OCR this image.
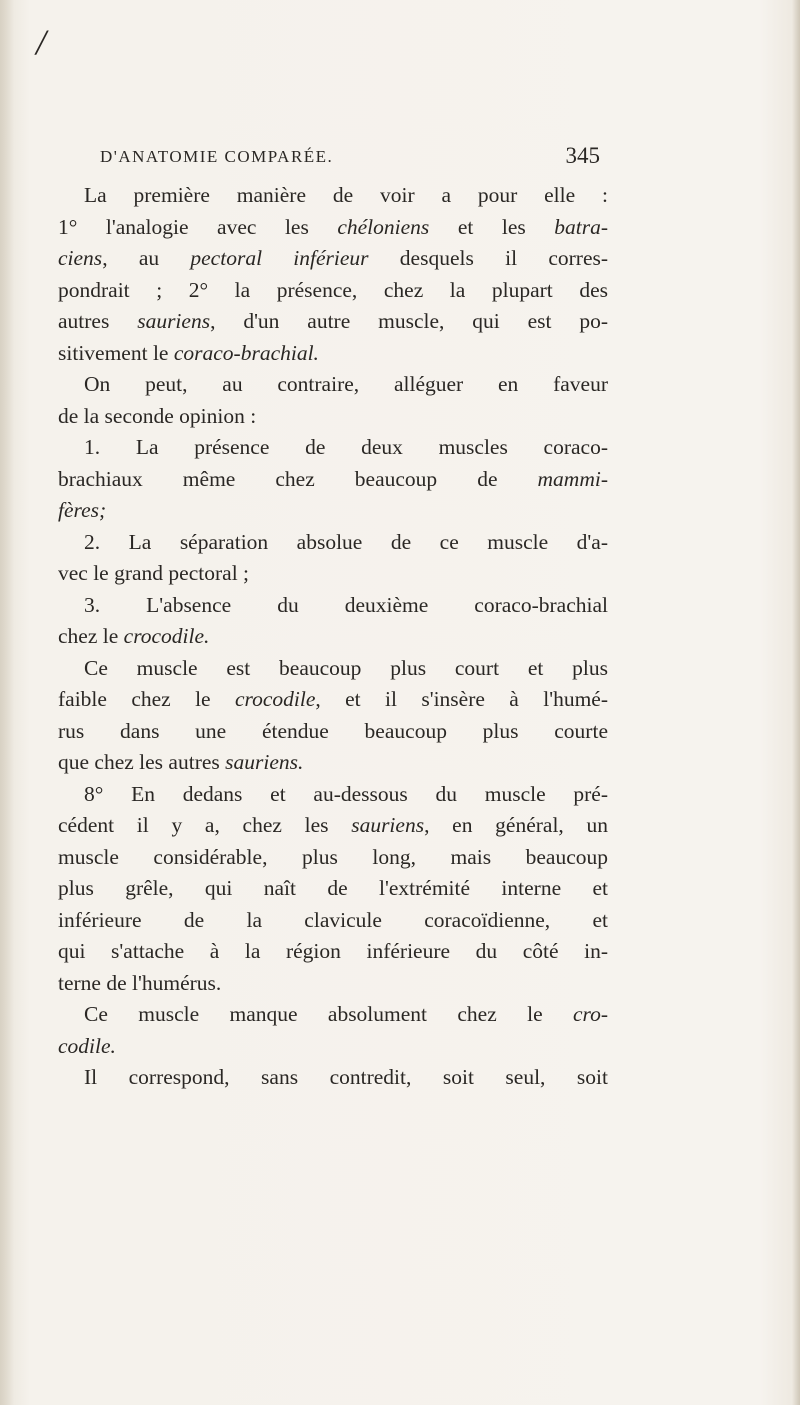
/
D'ANATOMIE COMPARÉE.	345
La première manière de voir a pour elle :
1° l'analogie avec les chéloniens et les batra-
ciens, au pectoral inférieur desquels il corres-
pondrait ; 2° la présence, chez la plupart des
autres sauriens, d'un autre muscle, qui est po-
sitivement le coraco-brachial.
On peut, au contraire, alléguer en faveur
de la seconde opinion :
1. La présence de deux muscles coraco-
brachiaux même chez beaucoup de mammi-
fères;
2. La séparation absolue de ce muscle d'a-
vec le grand pectoral ;
3. L'absence du deuxième coraco-brachial
chez le crocodile.
Ce muscle est beaucoup plus court et plus
faible chez le crocodile, et il s'insère à l'humé-
rus dans une étendue beaucoup plus courte
que chez les autres sauriens.
8° En dedans et au-dessous du muscle pré-
cédent il y a, chez les sauriens, en général, un
muscle considérable, plus long, mais beaucoup
plus grêle, qui naît de l'extrémité interne et
inférieure de la clavicule coracoïdienne, et
qui s'attache à la région inférieure du côté in-
terne de l'humérus.
Ce muscle manque absolument chez le cro-
codile.
Il correspond, sans contredit, soit seul, soit
